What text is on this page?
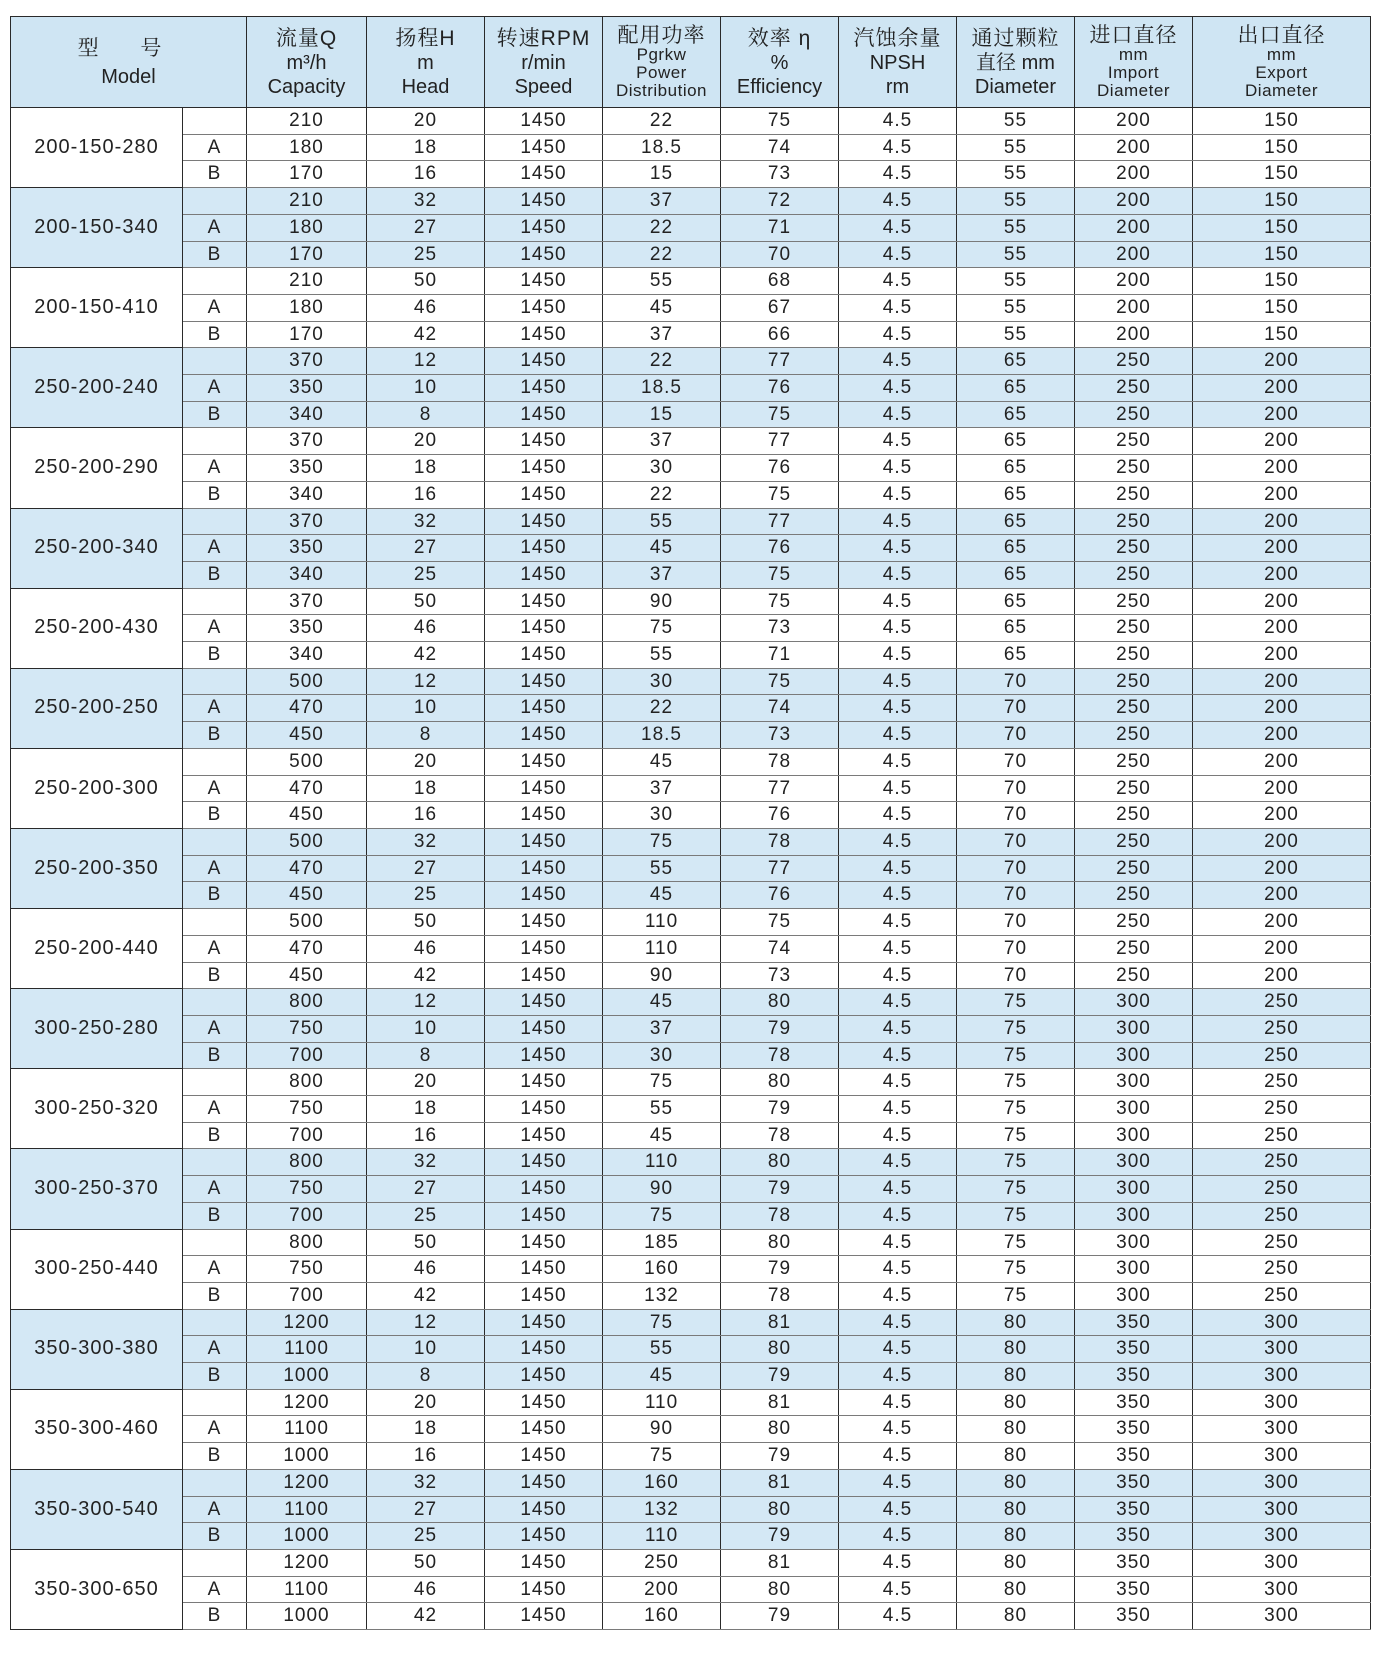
型 号
Model		流量Q
m³/h
Capacity	扬程H
m
Head	转速RPM
r/min
Speed	配用功率
Pgrkw
Power
Distribution	效率 η
%
Efficiency	汽蚀余量
NPSH
rm	通过颗粒
直径 mm
Diameter	进口直径
mm
Import
Diameter	出口直径
mm
Export
Diameter

200-150-280		210	20	1450	22	75	4.5	55	200	150
	A	180	18	1450	18.5	74	4.5	55	200	150
	B	170	16	1450	15	73	4.5	55	200	150
200-150-340		210	32	1450	37	72	4.5	55	200	150
	A	180	27	1450	22	71	4.5	55	200	150
	B	170	25	1450	22	70	4.5	55	200	150
200-150-410		210	50	1450	55	68	4.5	55	200	150
	A	180	46	1450	45	67	4.5	55	200	150
	B	170	42	1450	37	66	4.5	55	200	150
250-200-240		370	12	1450	22	77	4.5	65	250	200
	A	350	10	1450	18.5	76	4.5	65	250	200
	B	340	8	1450	15	75	4.5	65	250	200
250-200-290		370	20	1450	37	77	4.5	65	250	200
	A	350	18	1450	30	76	4.5	65	250	200
	B	340	16	1450	22	75	4.5	65	250	200
250-200-340		370	32	1450	55	77	4.5	65	250	200
	A	350	27	1450	45	76	4.5	65	250	200
	B	340	25	1450	37	75	4.5	65	250	200
250-200-430		370	50	1450	90	75	4.5	65	250	200
	A	350	46	1450	75	73	4.5	65	250	200
	B	340	42	1450	55	71	4.5	65	250	200
250-200-250		500	12	1450	30	75	4.5	70	250	200
	A	470	10	1450	22	74	4.5	70	250	200
	B	450	8	1450	18.5	73	4.5	70	250	200
250-200-300		500	20	1450	45	78	4.5	70	250	200
	A	470	18	1450	37	77	4.5	70	250	200
	B	450	16	1450	30	76	4.5	70	250	200
250-200-350		500	32	1450	75	78	4.5	70	250	200
	A	470	27	1450	55	77	4.5	70	250	200
	B	450	25	1450	45	76	4.5	70	250	200
250-200-440		500	50	1450	110	75	4.5	70	250	200
	A	470	46	1450	110	74	4.5	70	250	200
	B	450	42	1450	90	73	4.5	70	250	200
300-250-280		800	12	1450	45	80	4.5	75	300	250
	A	750	10	1450	37	79	4.5	75	300	250
	B	700	8	1450	30	78	4.5	75	300	250
300-250-320		800	20	1450	75	80	4.5	75	300	250
	A	750	18	1450	55	79	4.5	75	300	250
	B	700	16	1450	45	78	4.5	75	300	250
300-250-370		800	32	1450	110	80	4.5	75	300	250
	A	750	27	1450	90	79	4.5	75	300	250
	B	700	25	1450	75	78	4.5	75	300	250
300-250-440		800	50	1450	185	80	4.5	75	300	250
	A	750	46	1450	160	79	4.5	75	300	250
	B	700	42	1450	132	78	4.5	75	300	250
350-300-380		1200	12	1450	75	81	4.5	80	350	300
	A	1100	10	1450	55	80	4.5	80	350	300
	B	1000	8	1450	45	79	4.5	80	350	300
350-300-460		1200	20	1450	110	81	4.5	80	350	300
	A	1100	18	1450	90	80	4.5	80	350	300
	B	1000	16	1450	75	79	4.5	80	350	300
350-300-540		1200	32	1450	160	81	4.5	80	350	300
	A	1100	27	1450	132	80	4.5	80	350	300
	B	1000	25	1450	110	79	4.5	80	350	300
350-300-650		1200	50	1450	250	81	4.5	80	350	300
	A	1100	46	1450	200	80	4.5	80	350	300
	B	1000	42	1450	160	79	4.5	80	350	300
